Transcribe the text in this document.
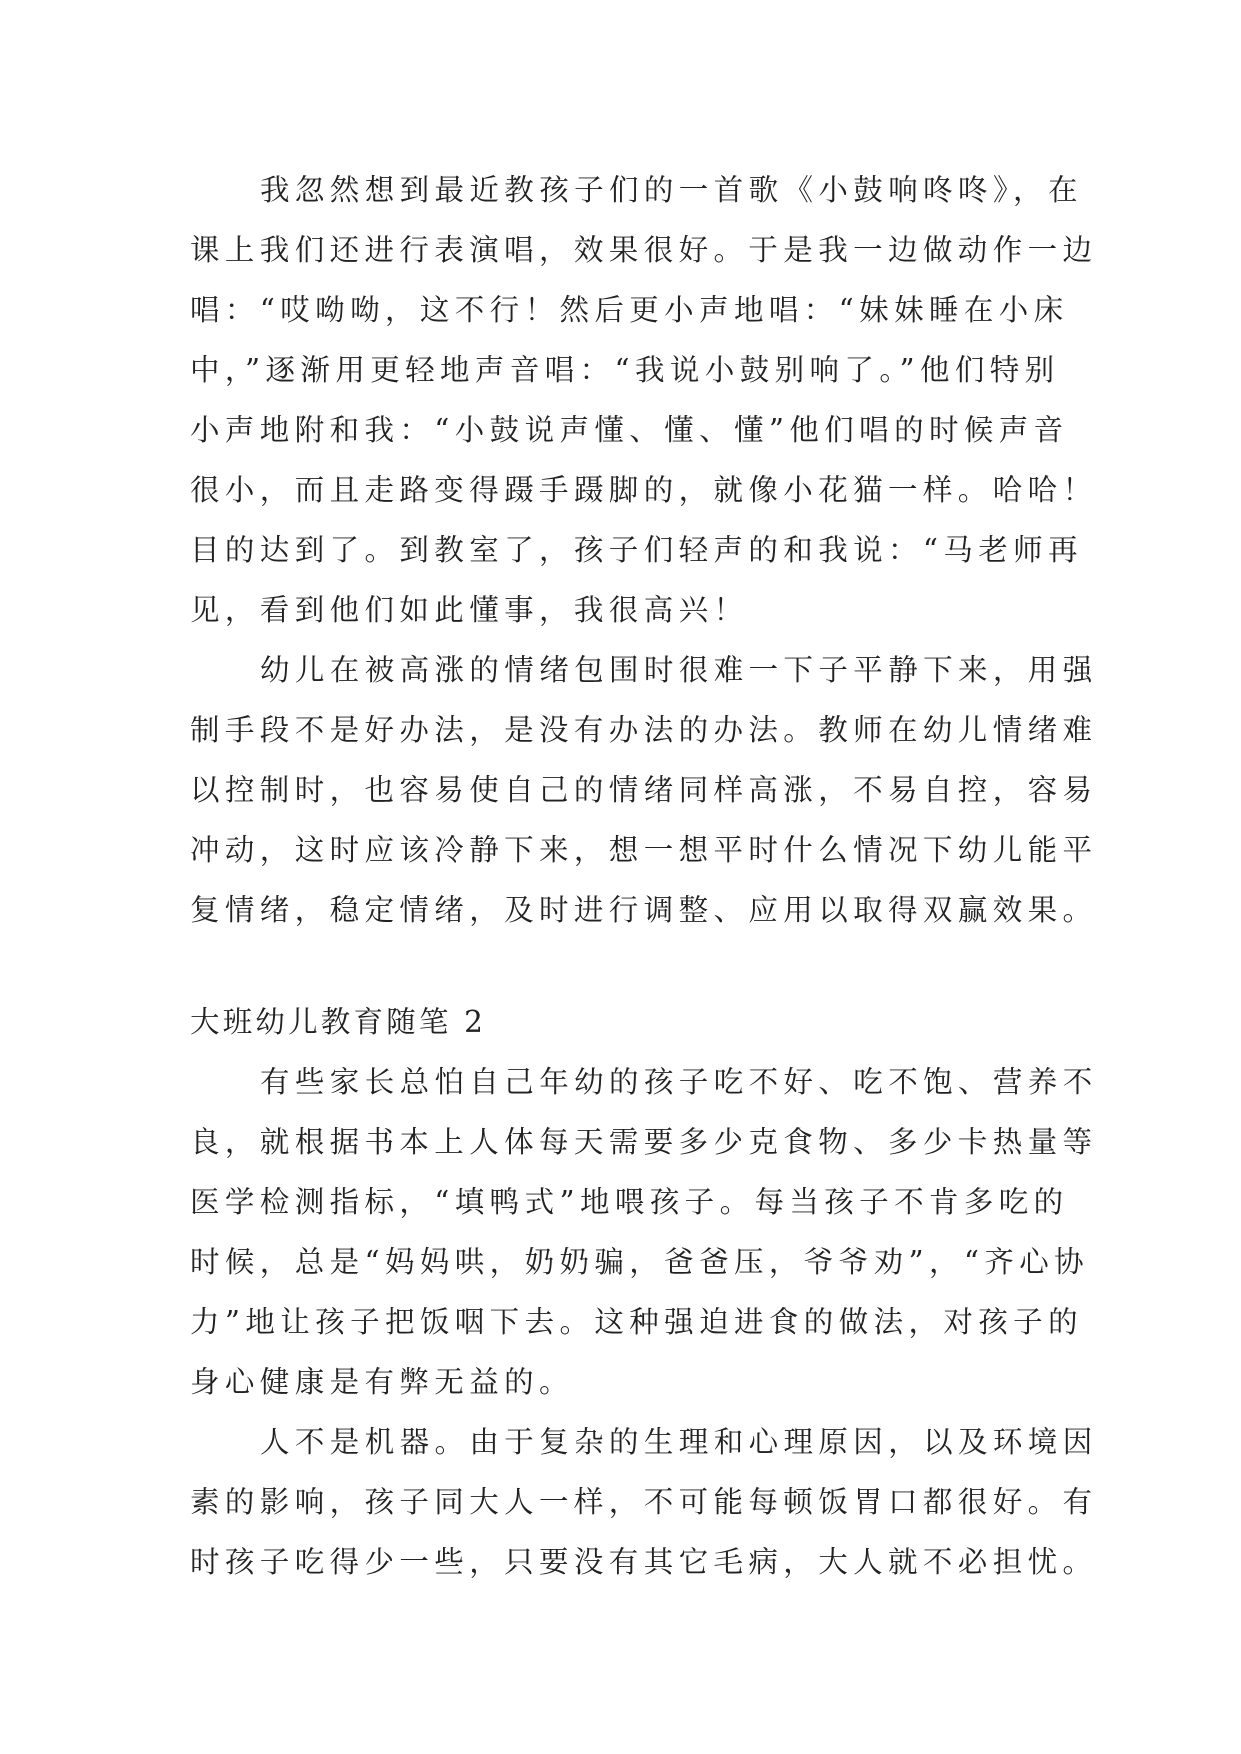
我忽然想到最近教孩子们的一首歌《小鼓响咚咚》，在
课上我们还进行表演唱，效果很好。于是我一边做动作一边
唱：“哎呦呦，这不行！然后更小声地唱：“妹妹睡在小床
中，”逐渐用更轻地声音唱：“我说小鼓别响了。”他们特别
小声地附和我：“小鼓说声懂、懂、懂”他们唱的时候声音
很小，而且走路变得蹑手蹑脚的，就像小花猫一样。哈哈！
目的达到了。到教室了，孩子们轻声的和我说：“马老师再
见，看到他们如此懂事，我很高兴！
幼儿在被高涨的情绪包围时很难一下子平静下来，用强
制手段不是好办法，是没有办法的办法。教师在幼儿情绪难
以控制时，也容易使自己的情绪同样高涨，不易自控，容易
冲动，这时应该冷静下来，想一想平时什么情况下幼儿能平
复情绪，稳定情绪，及时进行调整、应用以取得双赢效果。
大班幼儿教育随笔 2
有些家长总怕自己年幼的孩子吃不好、吃不饱、营养不
良，就根据书本上人体每天需要多少克食物、多少卡热量等
医学检测指标，“填鸭式”地喂孩子。每当孩子不肯多吃的
时候，总是“妈妈哄，奶奶骗，爸爸压，爷爷劝”，“齐心协
力”地让孩子把饭咽下去。这种强迫进食的做法，对孩子的
身心健康是有弊无益的。
人不是机器。由于复杂的生理和心理原因，以及环境因
素的影响，孩子同大人一样，不可能每顿饭胃口都很好。有
时孩子吃得少一些，只要没有其它毛病，大人就不必担忧。
